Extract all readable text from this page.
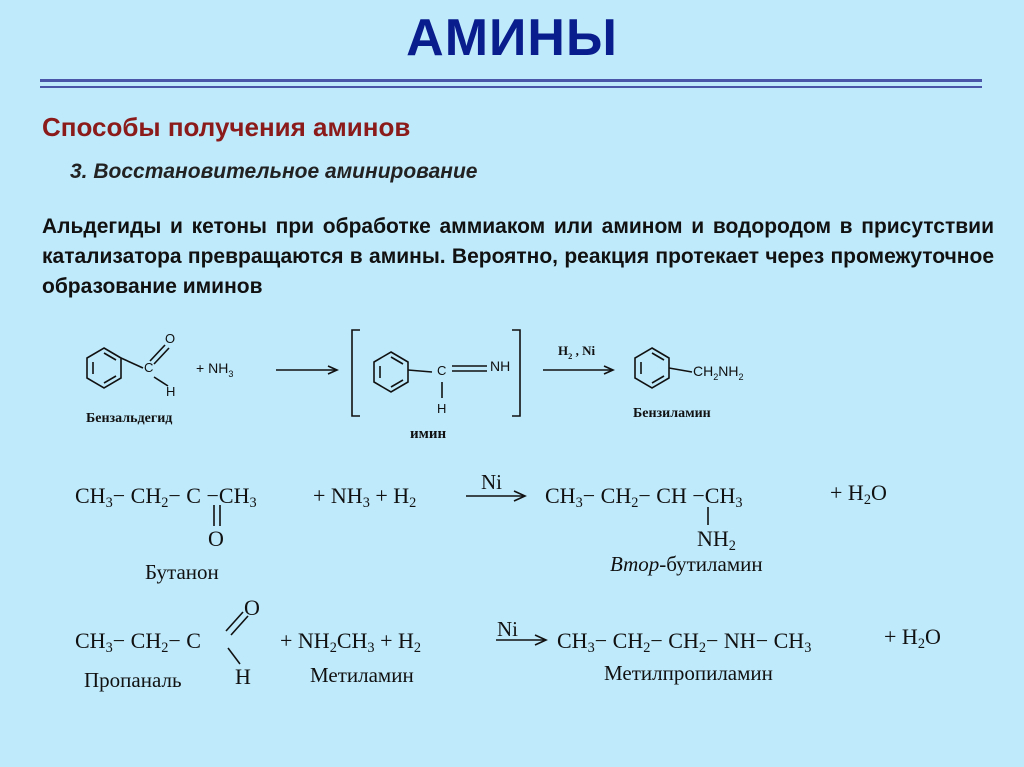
АМИНЫ
Способы получения аминов
3. Восстановительное аминирование
Альдегиды и кетоны при обработке аммиаком или амином и водородом в присутствии катализатора превращаются в амины. Вероятно, реакция протекает через промежуточное образование иминов
C
O
H
+ $NH_3$
Бензальдегид
C	NH
H
имин
$H_2$ , Ni
$CH_2NH_2$
Бензиламин
$CH_3- CH_2- C -CH_3$
O
+ $NH_3 + H_2$
Ni
$CH_3- CH_2-$ CH $-CH_3$
$NH_2$
+ $H_2O$
Бутанон	Втор-бутиламин
$CH_3- CH_2- C$
O
H
+ $NH_2CH_3 + H_2$
Ni $CH_3- CH_2- CH_2- NH- CH_3$	+ $H_2O$
Пропаналь	Метиламин	Метилпропиламин
